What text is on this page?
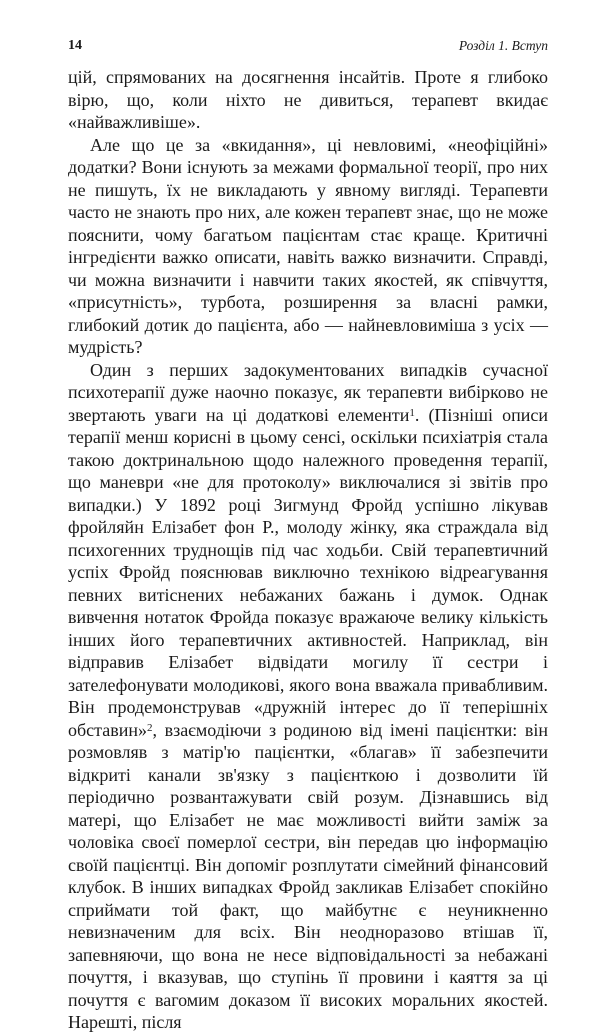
14	Розділ 1. Вступ

цій, спрямованих на досягнення інсайтів. Проте я глибоко вірю, що, коли ніхто не дивиться, терапевт вкидає «найважливіше».

Але що це за «вкидання», ці невловимі, «неофіційні» додатки? Вони існують за межами формальної теорії, про них не пишуть, їх не викладають у явному вигляді. Терапевти часто не знають про них, але кожен терапевт знає, що не може пояснити, чому багатьом пацієнтам стає краще. Критичні інгредієнти важко описати, навіть важко визначити. Справді, чи можна визначити і навчити таких якостей, як співчуття, «присутність», турбота, розширення за власні рамки, глибокий дотик до пацієнта, або — найневловиміша з усіх — мудрість?

Один з перших задокументованих випадків сучасної психотерапії дуже наочно показує, як терапевти вибірково не звертають уваги на ці додаткові елементи$^1$. (Пізніші описи терапії менш корисні в цьому сенсі, оскільки психіатрія стала такою доктринальною щодо належного проведення терапії, що маневри «не для протоколу» виключалися зі звітів про випадки.) У 1892 році Зигмунд Фройд успішно лікував фройляйн Елізабет фон Р., молоду жінку, яка страждала від психогенних труднощів під час ходьби. Свій терапевтичний успіх Фройд пояснював виключно технікою відреагування певних витіснених небажаних бажань і думок. Однак вивчення нотаток Фройда показує вражаюче велику кількість інших його терапевтичних активностей. Наприклад, він відправив Елізабет відвідати могилу її сестри і зателефонувати молодикові, якого вона вважала привабливим. Він продемонстрував «дружній інтерес до її теперішніх обставин»$^2$, взаємодіючи з родиною від імені пацієнтки: він розмовляв з матір'ю пацієнтки, «благав» її забезпечити відкриті канали зв'язку з пацієнткою і дозволити їй періодично розвантажувати свій розум. Дізнавшись від матері, що Елізабет не має можливості вийти заміж за чоловіка своєї померлої сестри, він передав цю інформацію своїй пацієнтці. Він допоміг розплутати сімейний фінансовий клубок. В інших випадках Фройд закликав Елізабет спокійно сприймати той факт, що майбутнє є неуникненно невизначеним для всіх. Він неодноразово втішав її, запевняючи, що вона не несе відповідальності за небажані почуття, і вказував, що ступінь її провини і каяття за ці почуття є вагомим доказом її високих моральних якостей. Нарешті, після
